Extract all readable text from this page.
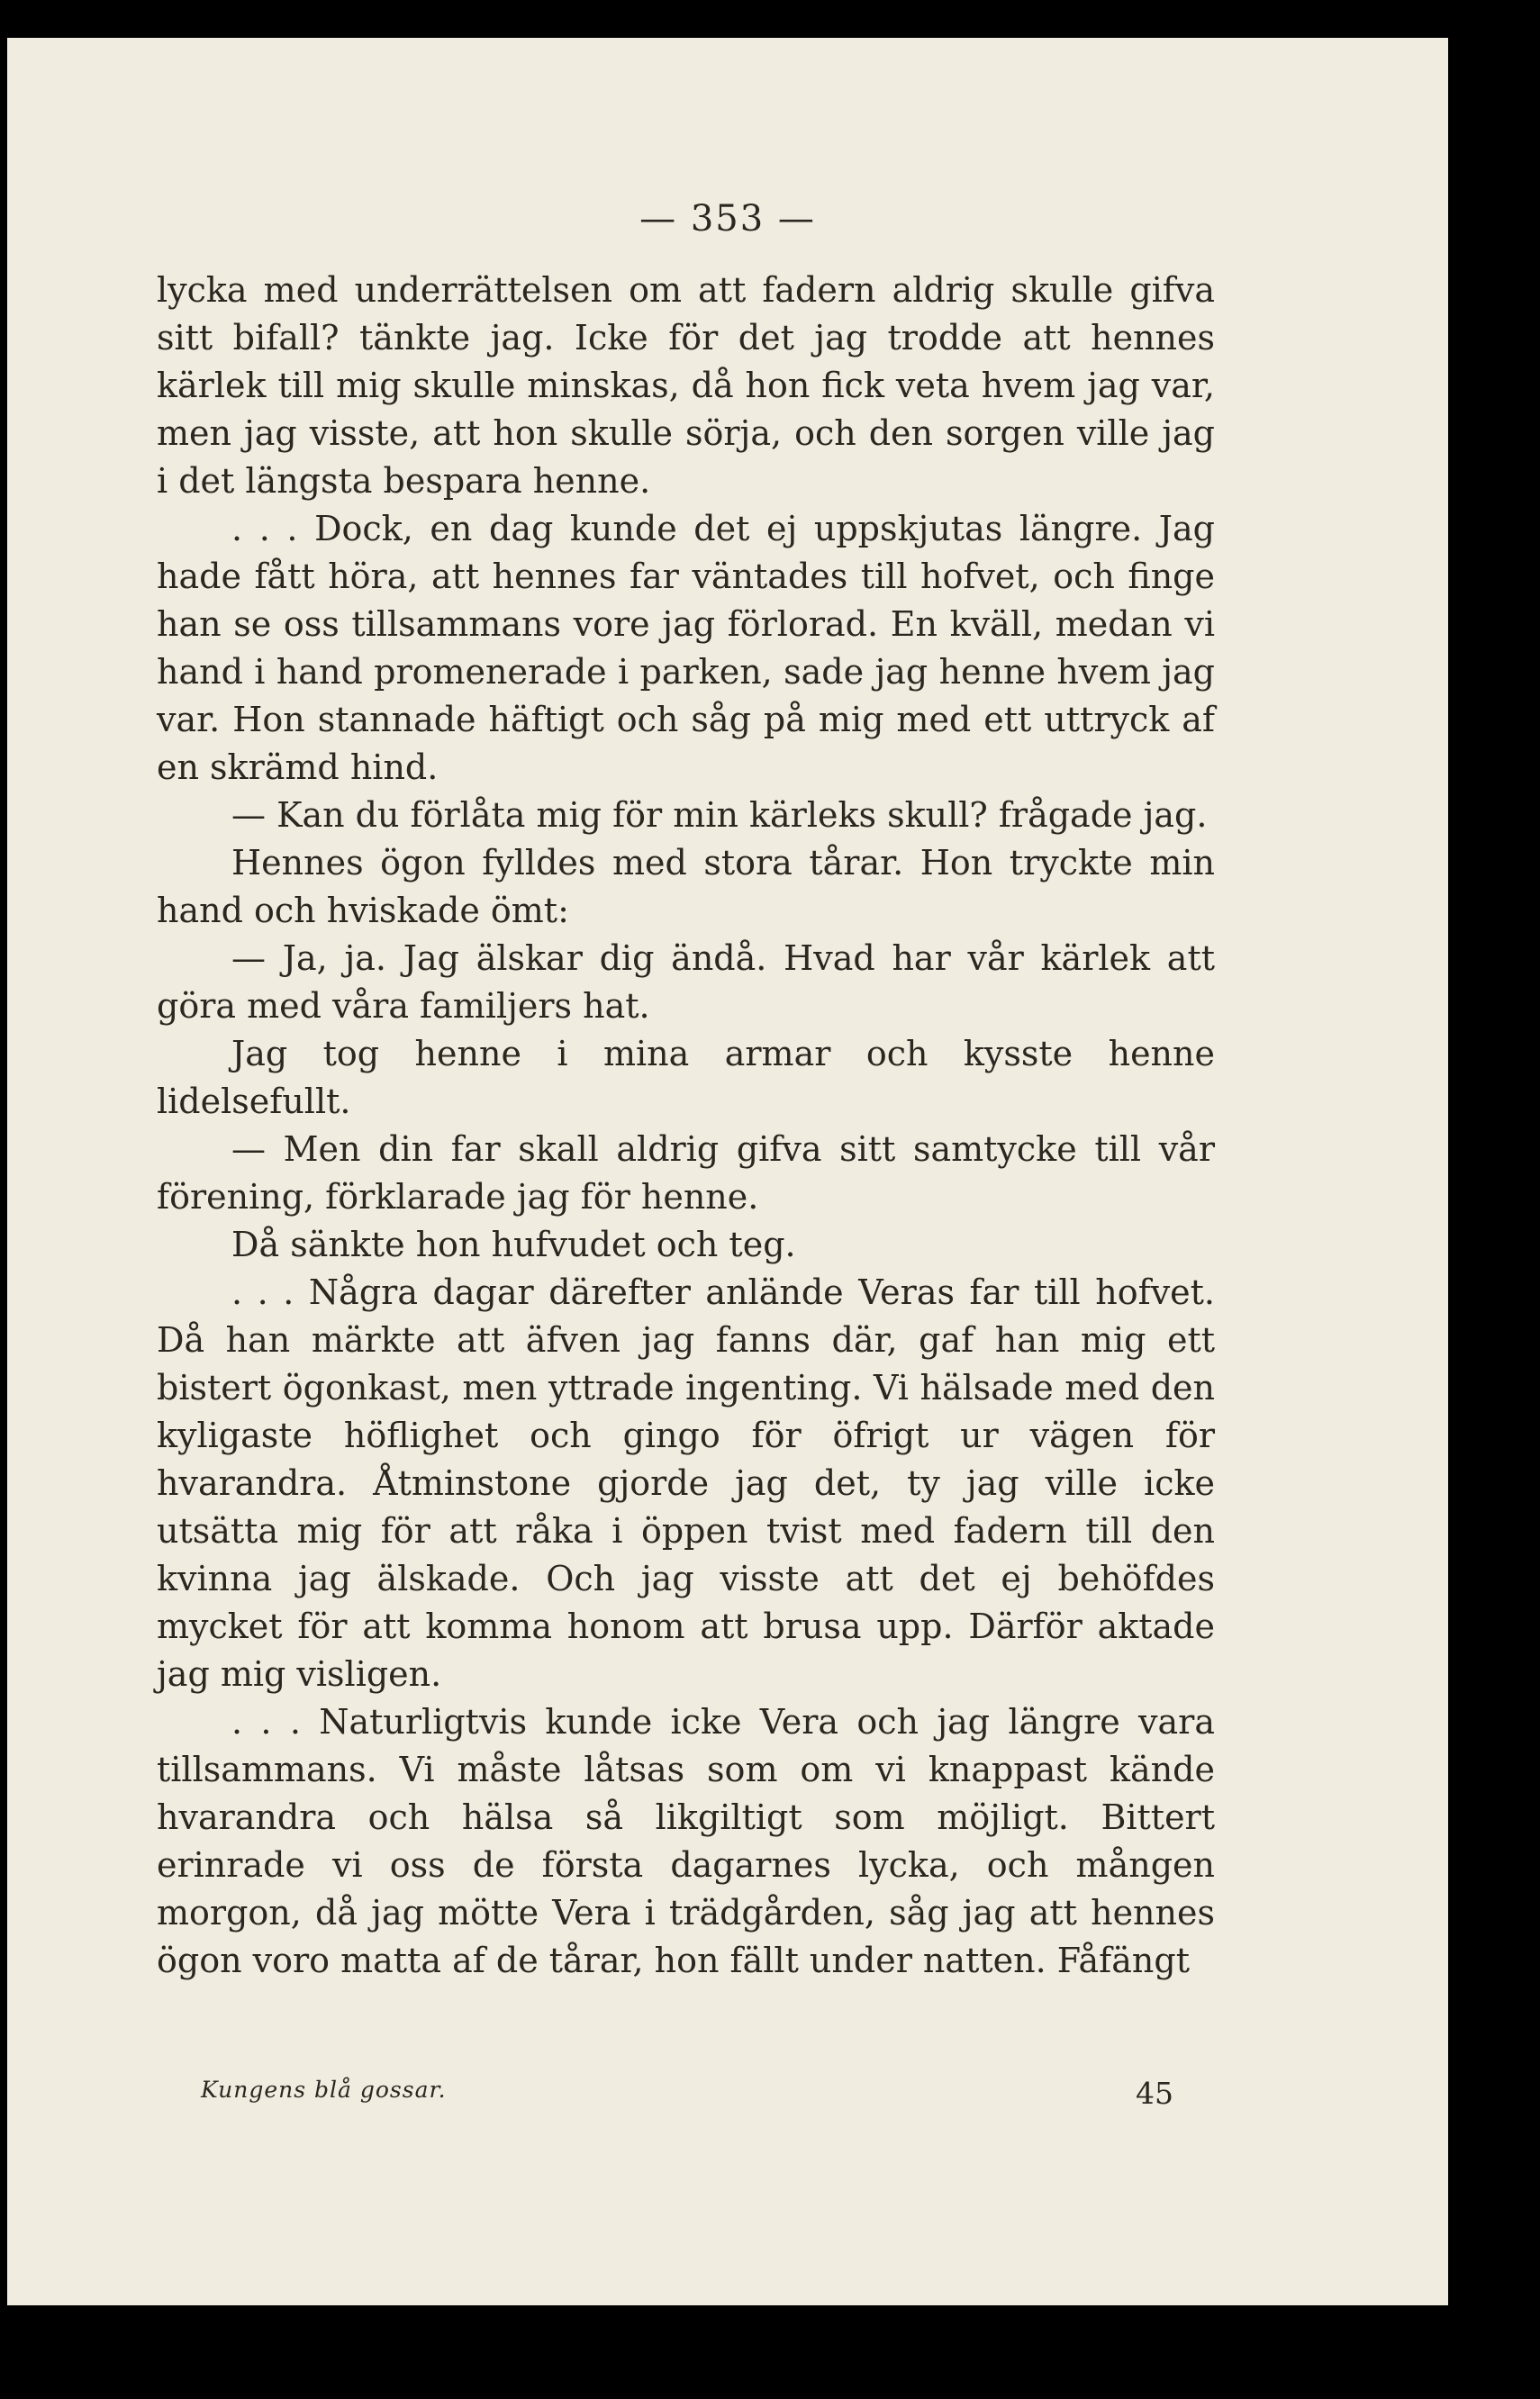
— 353 —

lycka med underrättelsen om att fadern aldrig skulle gifva sitt bifall? tänkte jag. Icke för det jag trodde att hennes kärlek till mig skulle minskas, då hon fick veta hvem jag var, men jag visste, att hon skulle sörja, och den sorgen ville jag i det längsta bespara henne.

. . . Dock, en dag kunde det ej uppskjutas längre. Jag hade fått höra, att hennes far väntades till hofvet, och finge han se oss tillsammans vore jag förlorad. En kväll, medan vi hand i hand promenerade i parken, sade jag henne hvem jag var. Hon stannade häftigt och såg på mig med ett uttryck af en skrämd hind.

— Kan du förlåta mig för min kärleks skull? frågade jag.

Hennes ögon fylldes med stora tårar. Hon tryckte min hand och hviskade ömt:

— Ja, ja. Jag älskar dig ändå. Hvad har vår kärlek att göra med våra familjers hat.

Jag tog henne i mina armar och kysste henne lidelsefullt.

— Men din far skall aldrig gifva sitt samtycke till vår förening, förklarade jag för henne.

Då sänkte hon hufvudet och teg.

. . . Några dagar därefter anlände Veras far till hofvet. Då han märkte att äfven jag fanns där, gaf han mig ett bistert ögonkast, men yttrade ingenting. Vi hälsade med den kyligaste höflighet och gingo för öfrigt ur vägen för hvarandra. Åtminstone gjorde jag det, ty jag ville icke utsätta mig för att råka i öppen tvist med fadern till den kvinna jag älskade. Och jag visste att det ej behöfdes mycket för att komma honom att brusa upp. Därför aktade jag mig visligen.

. . . Naturligtvis kunde icke Vera och jag längre vara tillsammans. Vi måste låtsas som om vi knappast kände hvarandra och hälsa så likgiltigt som möjligt. Bittert erinrade vi oss de första dagarnes lycka, och mången morgon, då jag mötte Vera i trädgården, såg jag att hennes ögon voro matta af de tårar, hon fällt under natten. Fåfängt

Kungens blå gossar.	45
